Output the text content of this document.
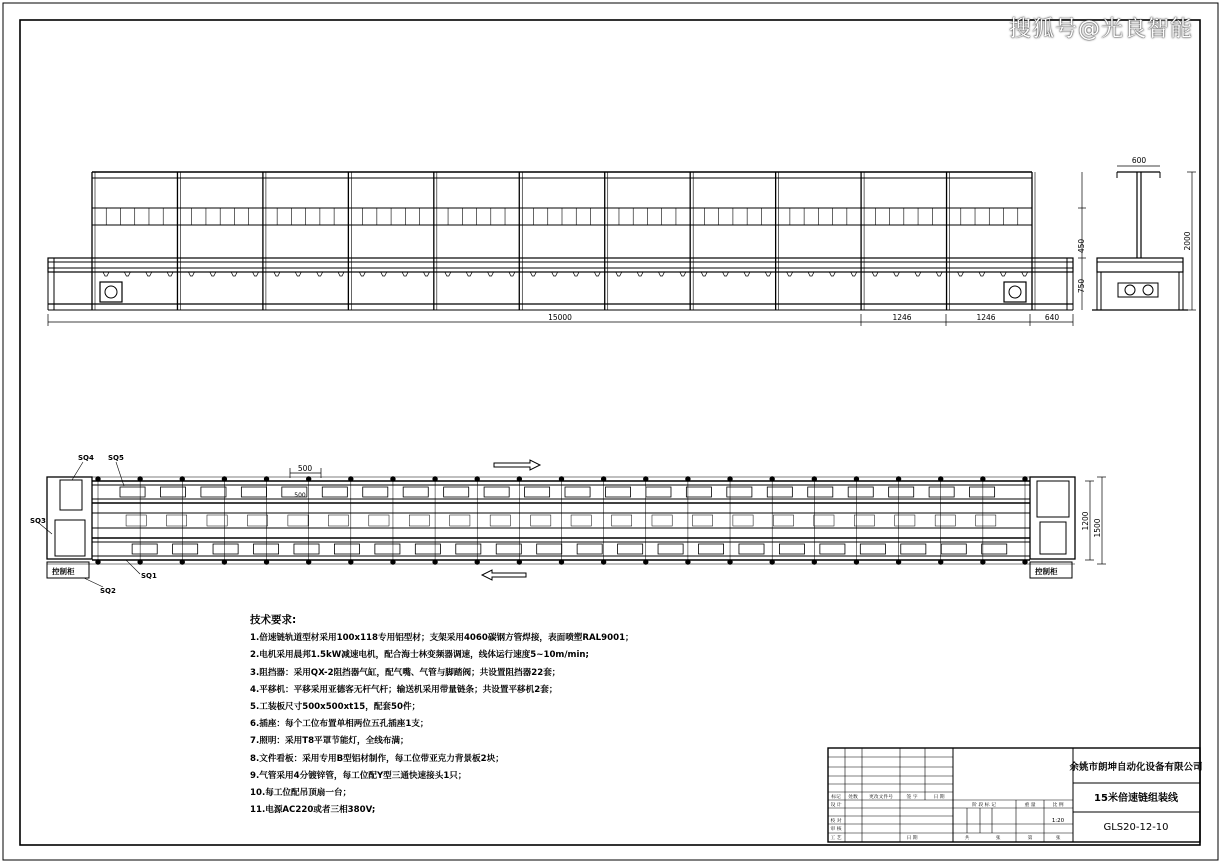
15000	1246	1246	640
450
750
600
2000
500
500
1200 1500
SQ4 SQ5
SQ3
SQ1
SQ2
控制柜	控制柜
余姚市朗坤自动化设备有限公司
15米倍速链组装线
GLS20-12-10
1:20
标记 处数 更改文件号	签 字	日 期
设 计
校 对
审 核
工 艺	日 期
阶 段 标 记	重 量	比 例
共	张	第	张
搜狐号@光良智能
技术要求:
1.倍速链轨道型材采用100x118专用铝型材；支架采用4060碳钢方管焊接，表面喷塑RAL9001；
2.电机采用晨邦1.5kW减速电机，配合海士林变频器调速，线体运行速度5~10m/min;
3.阻挡器：采用QX-2阻挡器气缸，配气嘴、气管与脚踏阀；共设置阻挡器22套；
4.平移机：平移采用亚德客无杆气杆；输送机采用带量链条；共设置平移机2套；
5.工装板尺寸500x500xt15，配套50件；
6.插座：每个工位布置单相两位五孔插座1支；
7.照明：采用T8平罩节能灯，全线布满；
8.文件看板：采用专用B型铝材制作，每工位带亚克力背景板2块；
9.气管采用4分镀锌管，每工位配Y型三通快速接头1只；
10.每工位配吊顶扇一台；
11.电源AC220或者三相380V;
